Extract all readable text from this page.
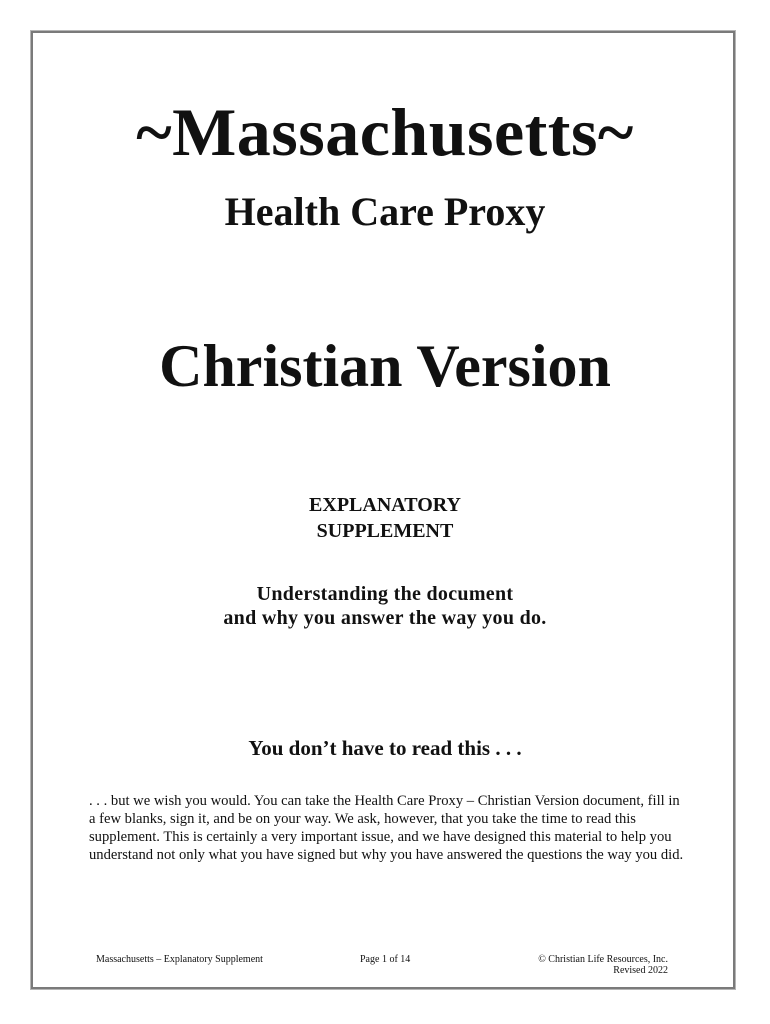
~Massachusetts~
Health Care Proxy
Christian Version
EXPLANATORY
SUPPLEMENT
Understanding the document
and why you answer the way you do.
You don’t have to read this . . .
. . . but we wish you would. You can take the Health Care Proxy – Christian Version document, fill in a few blanks, sign it, and be on your way. We ask, however, that you take the time to read this supplement. This is certainly a very important issue, and we have designed this material to help you understand not only what you have signed but why you have answered the questions the way you did.
Massachusetts – Explanatory Supplement	Page 1 of 14	© Christian Life Resources, Inc.
Revised 2022
